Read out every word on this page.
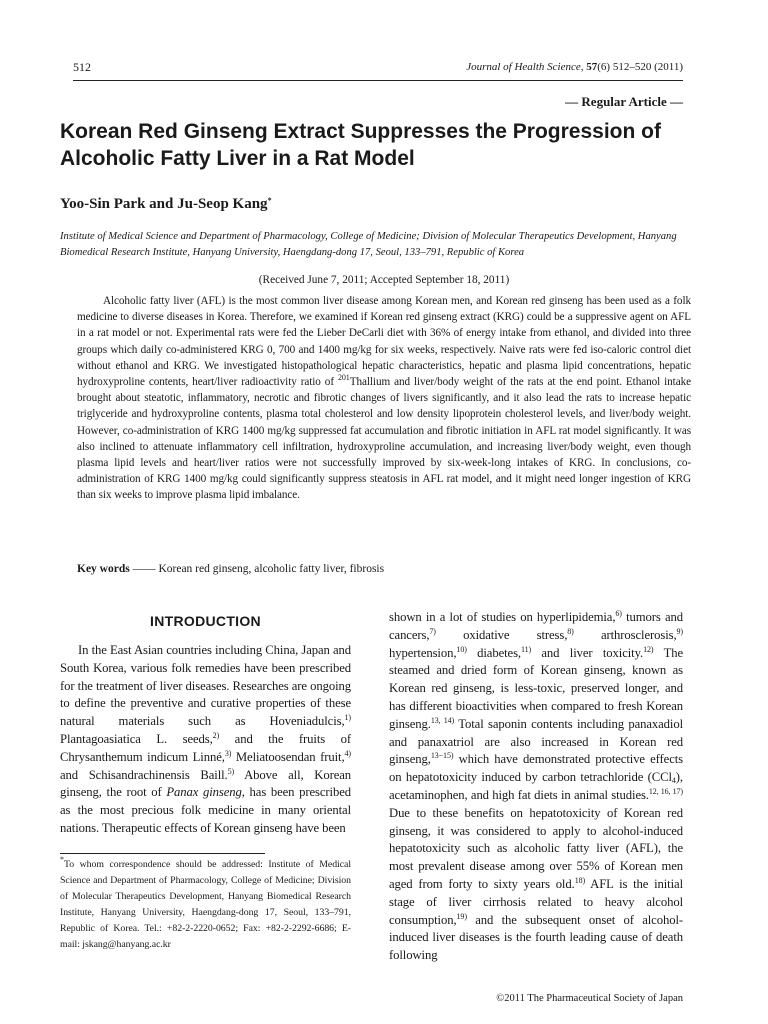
512	Journal of Health Science, 57(6) 512–520 (2011)
— Regular Article —
Korean Red Ginseng Extract Suppresses the Progression of Alcoholic Fatty Liver in a Rat Model
Yoo-Sin Park and Ju-Seop Kang*
Institute of Medical Science and Department of Pharmacology, College of Medicine; Division of Molecular Therapeutics Development, Hanyang Biomedical Research Institute, Hanyang University, Haengdang-dong 17, Seoul, 133–791, Republic of Korea
(Received June 7, 2011; Accepted September 18, 2011)

Alcoholic fatty liver (AFL) is the most common liver disease among Korean men, and Korean red ginseng has been used as a folk medicine to diverse diseases in Korea. Therefore, we examined if Korean red ginseng extract (KRG) could be a suppressive agent on AFL in a rat model or not. Experimental rats were fed the Lieber DeCarli diet with 36% of energy intake from ethanol, and divided into three groups which daily co-administered KRG 0, 700 and 1400 mg/kg for six weeks, respectively. Naive rats were fed iso-caloric control diet without ethanol and KRG. We investigated histopathological hepatic characteristics, hepatic and plasma lipid concentrations, hepatic hydroxyproline contents, heart/liver radioactivity ratio of $^{201}$Thallium and liver/body weight of the rats at the end point. Ethanol intake brought about steatotic, inflammatory, necrotic and fibrotic changes of livers significantly, and it also lead the rats to increase hepatic triglyceride and hydroxyproline contents, plasma total cholesterol and low density lipoprotein cholesterol levels, and liver/body weight. However, co-administration of KRG 1400 mg/kg suppressed fat accumulation and fibrotic initiation in AFL rat model significantly. It was also inclined to attenuate inflammatory cell infiltration, hydroxyproline accumulation, and increasing liver/body weight, even though plasma lipid levels and heart/liver ratios were not successfully improved by six-week-long intakes of KRG. In conclusions, co-administration of KRG 1400 mg/kg could significantly suppress steatosis in AFL rat model, and it might need longer ingestion of KRG than six weeks to improve plasma lipid imbalance.

Key words —— Korean red ginseng, alcoholic fatty liver, fibrosis
INTRODUCTION

In the East Asian countries including China, Japan and South Korea, various folk remedies have been prescribed for the treatment of liver diseases. Researches are ongoing to define the preventive and curative properties of these natural materials such as Hoveniadulcis,$^{1)}$ Plantagoasiatica L. seeds,$^{2)}$ and the fruits of Chrysanthemum indicum Linné,$^{3)}$ Meliatoosendan fruit,$^{4)}$ and Schisandrachinensis Baill.$^{5)}$ Above all, Korean ginseng, the root of Panax ginseng, has been prescribed as the most precious folk medicine in many oriental nations. Therapeutic effects of Korean ginseng have been

shown in a lot of studies on hyperlipidemia,$^{6)}$ tumors and cancers,$^{7)}$ oxidative stress,$^{8)}$ arthrosclerosis,$^{9)}$ hypertension,$^{10)}$ diabetes,$^{11)}$ and liver toxicity.$^{12)}$ The steamed and dried form of Korean ginseng, known as Korean red ginseng, is less-toxic, preserved longer, and has different bioactivities when compared to fresh Korean ginseng.$^{13, 14)}$ Total saponin contents including panaxadiol and panaxatriol are also increased in Korean red ginseng,$^{13-15)}$ which have demonstrated protective effects on hepatotoxicity induced by carbon tetrachloride (CCl$_4$), acetaminophen, and high fat diets in animal studies.$^{12, 16, 17)}$ Due to these benefits on hepatotoxicity of Korean red ginseng, it was considered to apply to alcohol-induced hepatotoxicity such as alcoholic fatty liver (AFL), the most prevalent disease among over 55% of Korean men aged from forty to sixty years old.$^{18)}$ AFL is the initial stage of liver cirrhosis related to heavy alcohol consumption,$^{19)}$ and the subsequent onset of alcohol-induced liver diseases is the fourth leading cause of death following

*To whom correspondence should be addressed: Institute of Medical Science and Department of Pharmacology, College of Medicine; Division of Molecular Therapeutics Development, Hanyang Biomedical Research Institute, Hanyang University, Haengdang-dong 17, Seoul, 133–791, Republic of Korea. Tel.: +82-2-2220-0652; Fax: +82-2-2292-6686; E-mail: jskang@hanyang.ac.kr

©2011 The Pharmaceutical Society of Japan
